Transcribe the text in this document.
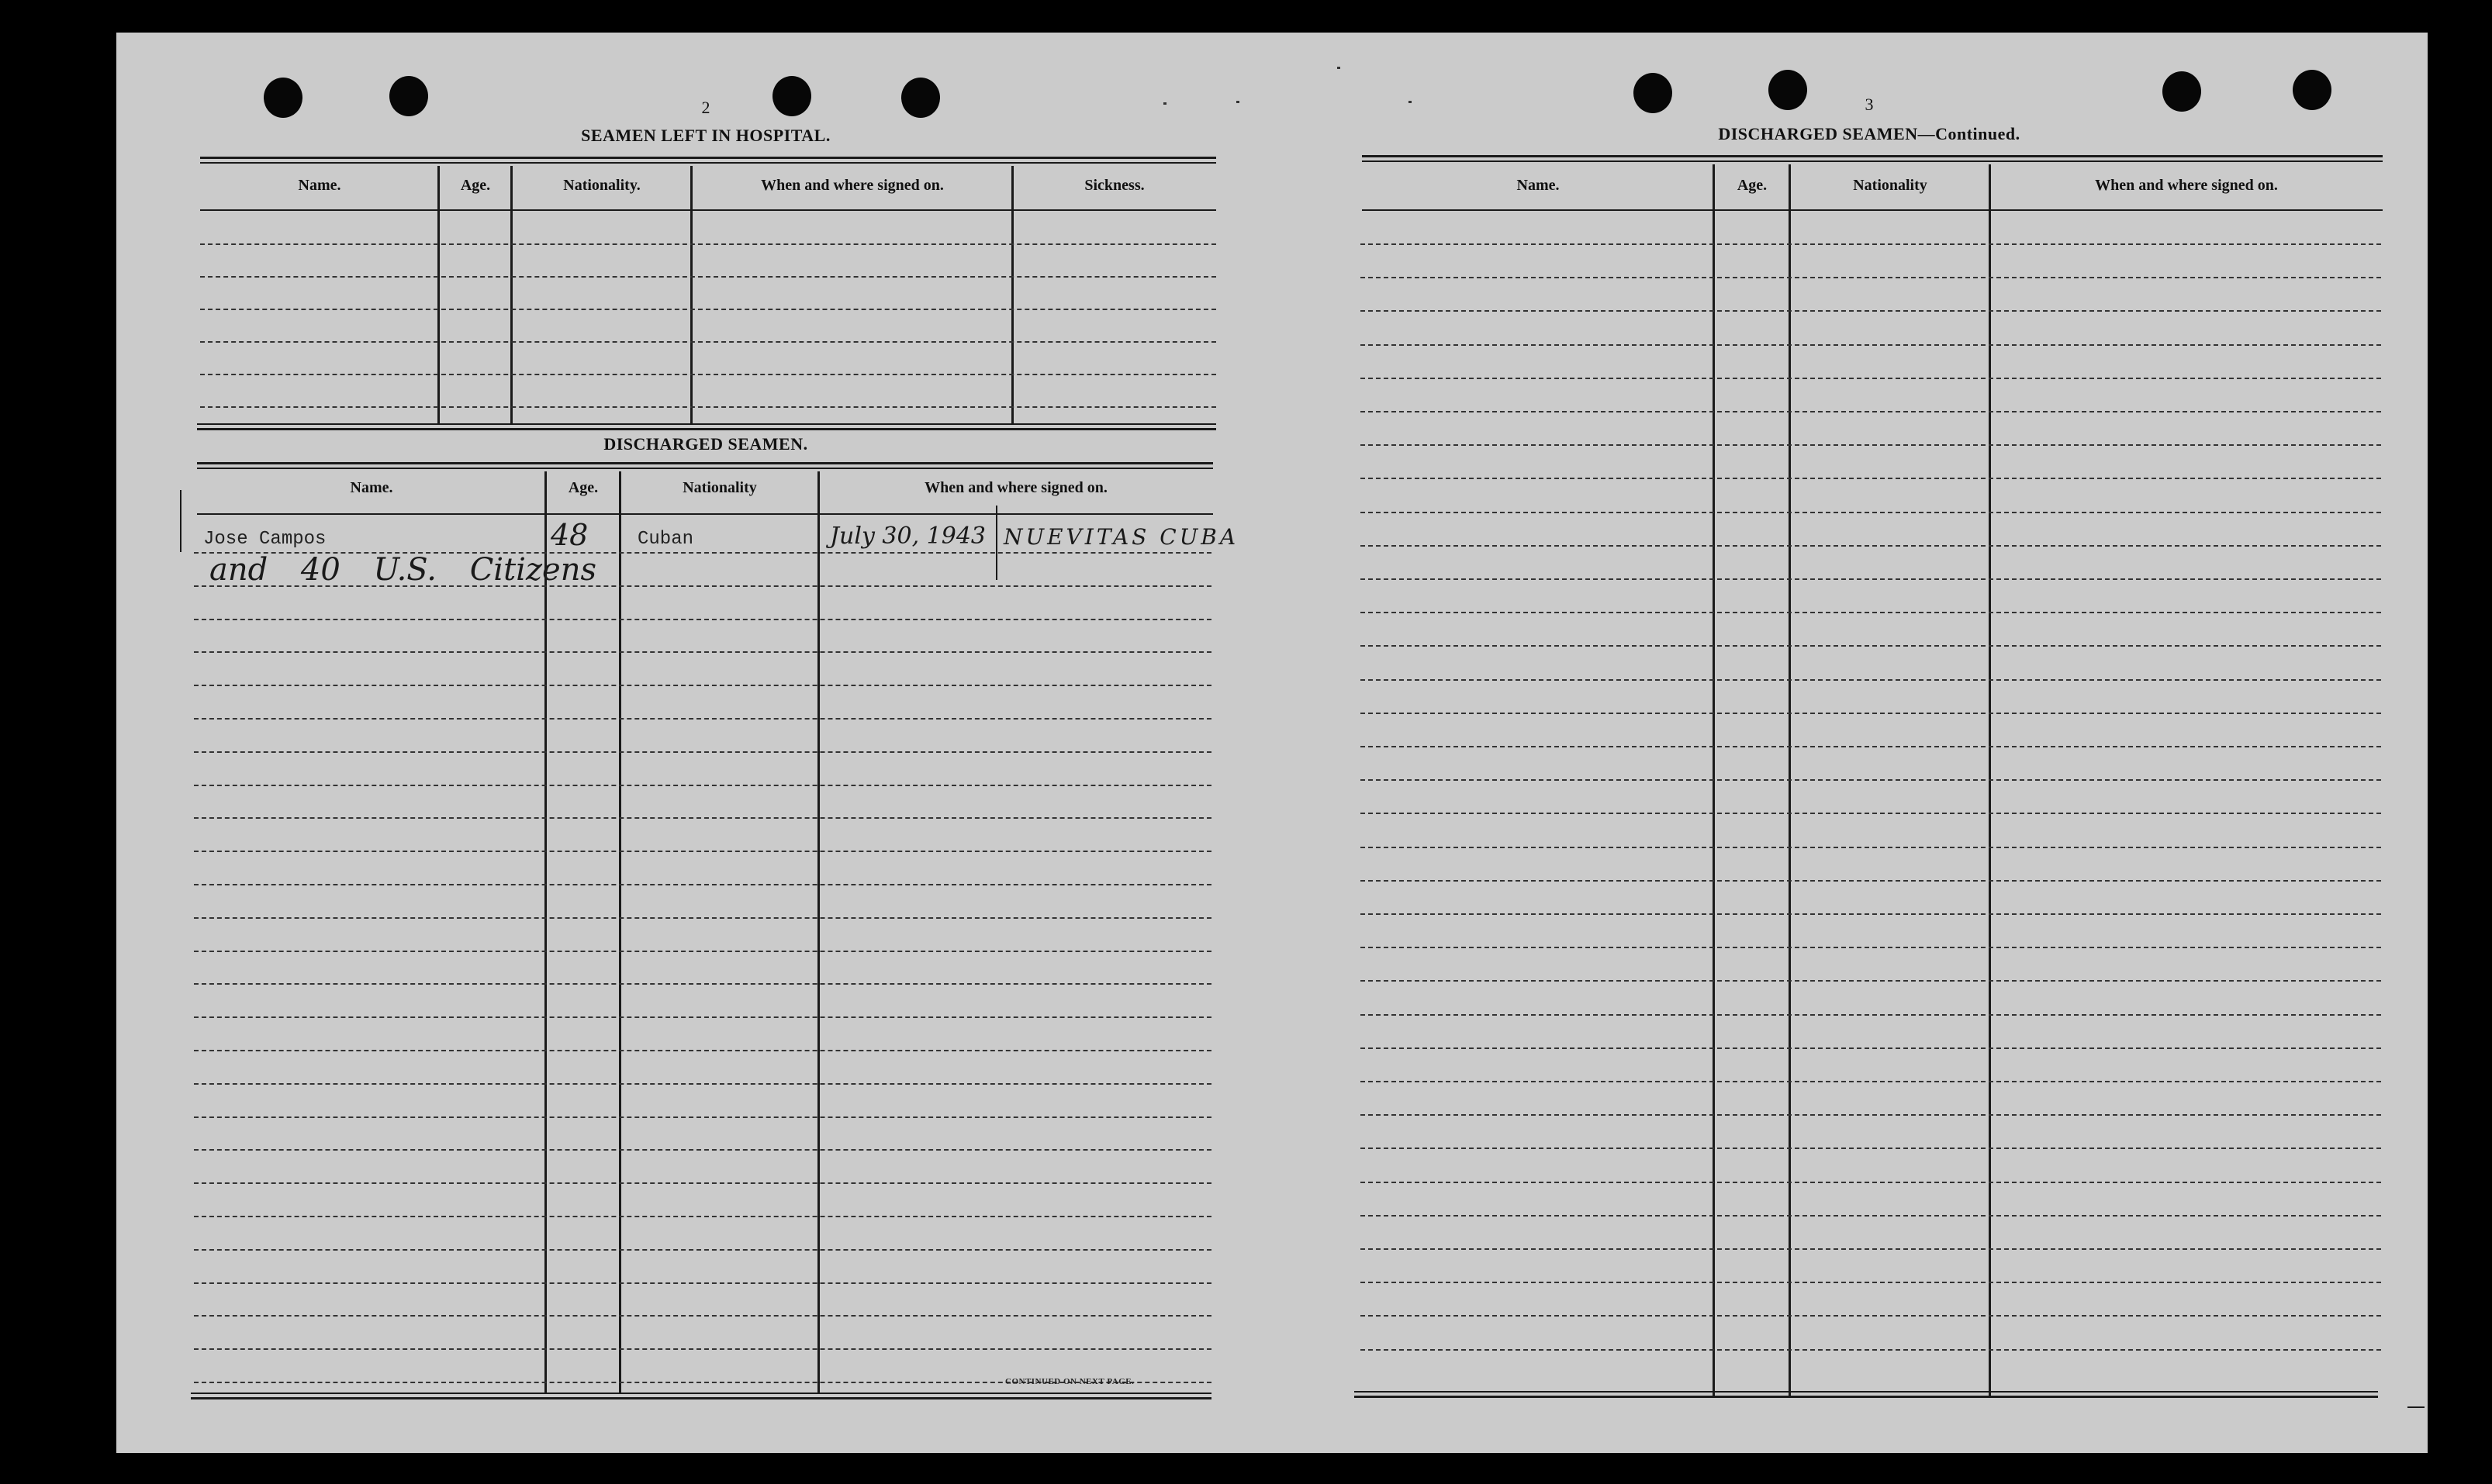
2
SEAMEN LEFT IN HOSPITAL.
Name.	Age.	Nationality.	When and where signed on.	Sickness.
DISCHARGED SEAMEN.
Name.	Age.	Nationality	When and where signed on.
Jose Campos	48	Cuban	July 30, 1943 NUEVITAS CUBA
and 40 U.S. Citizens
CONTINUED ON NEXT PAGE.
3
DISCHARGED SEAMEN—Continued.
Name.	Age.	Nationality	When and where signed on.
